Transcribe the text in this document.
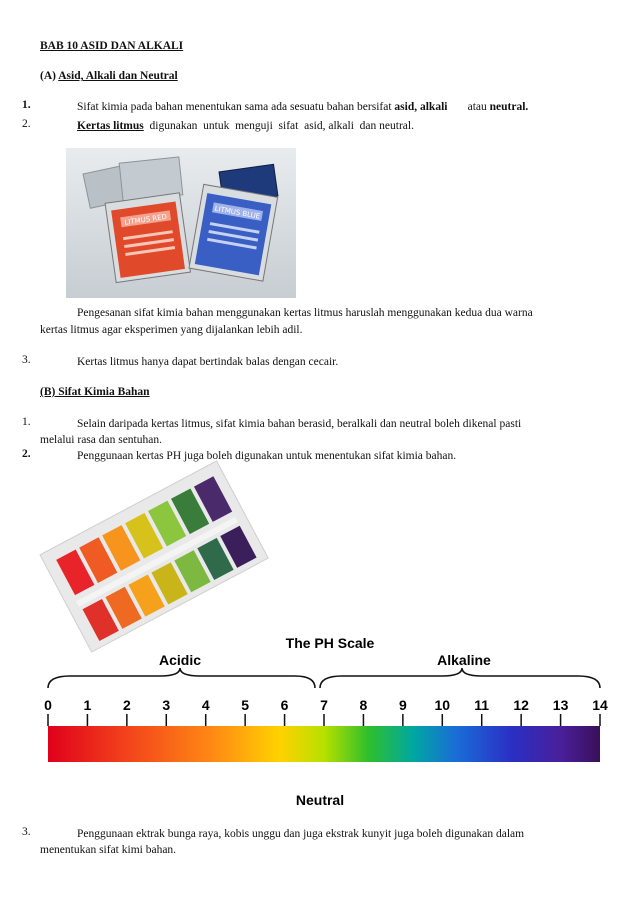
BAB 10 ASID DAN ALKALI
(A) Asid, Alkali dan Neutral
1.	Sifat kimia pada bahan menentukan sama ada sesuatu bahan bersifat asid, alkali       atau neutral.
2.	Kertas litmus  digunakan  untuk  menguji  sifat  asid, alkali  dan neutral.
LITMUS RED	LITMUS BLUE
Pengesanan sifat kimia bahan menggunakan kertas litmus haruslah menggunakan kedua dua warna
kertas litmus agar eksperimen yang dijalankan lebih adil.
3.	Kertas litmus hanya dapat bertindak balas dengan cecair.
(B) Sifat Kimia Bahan
1.	Selain daripada kertas litmus, sifat kimia bahan berasid, beralkali dan neutral boleh dikenal pasti
melalui rasa dan sentuhan.
2.	Penggunaan kertas PH juga boleh digunakan untuk menentukan sifat kimia bahan.
The PH Scale
Acidic	Alkaline
0 1 2 3 4 5 6 7 8 9 10 11 12 13 14
Neutral
3.	Penggunaan ektrak bunga raya, kobis unggu dan juga ekstrak kunyit juga boleh digunakan dalam
menentukan sifat kimi bahan.
